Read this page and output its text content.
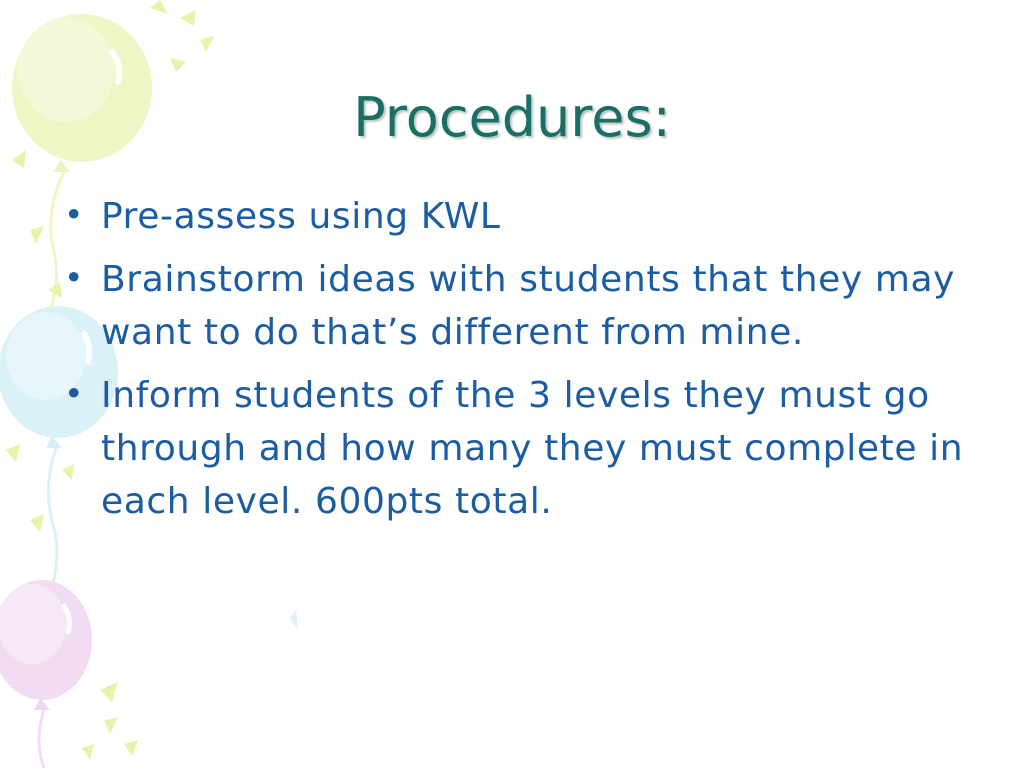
Procedures:
• Pre-assess using KWL
• Brainstorm ideas with students that they may want to do that’s different from mine.
• Inform students of the 3 levels they must go through and how many they must complete in each level. 600pts total.
